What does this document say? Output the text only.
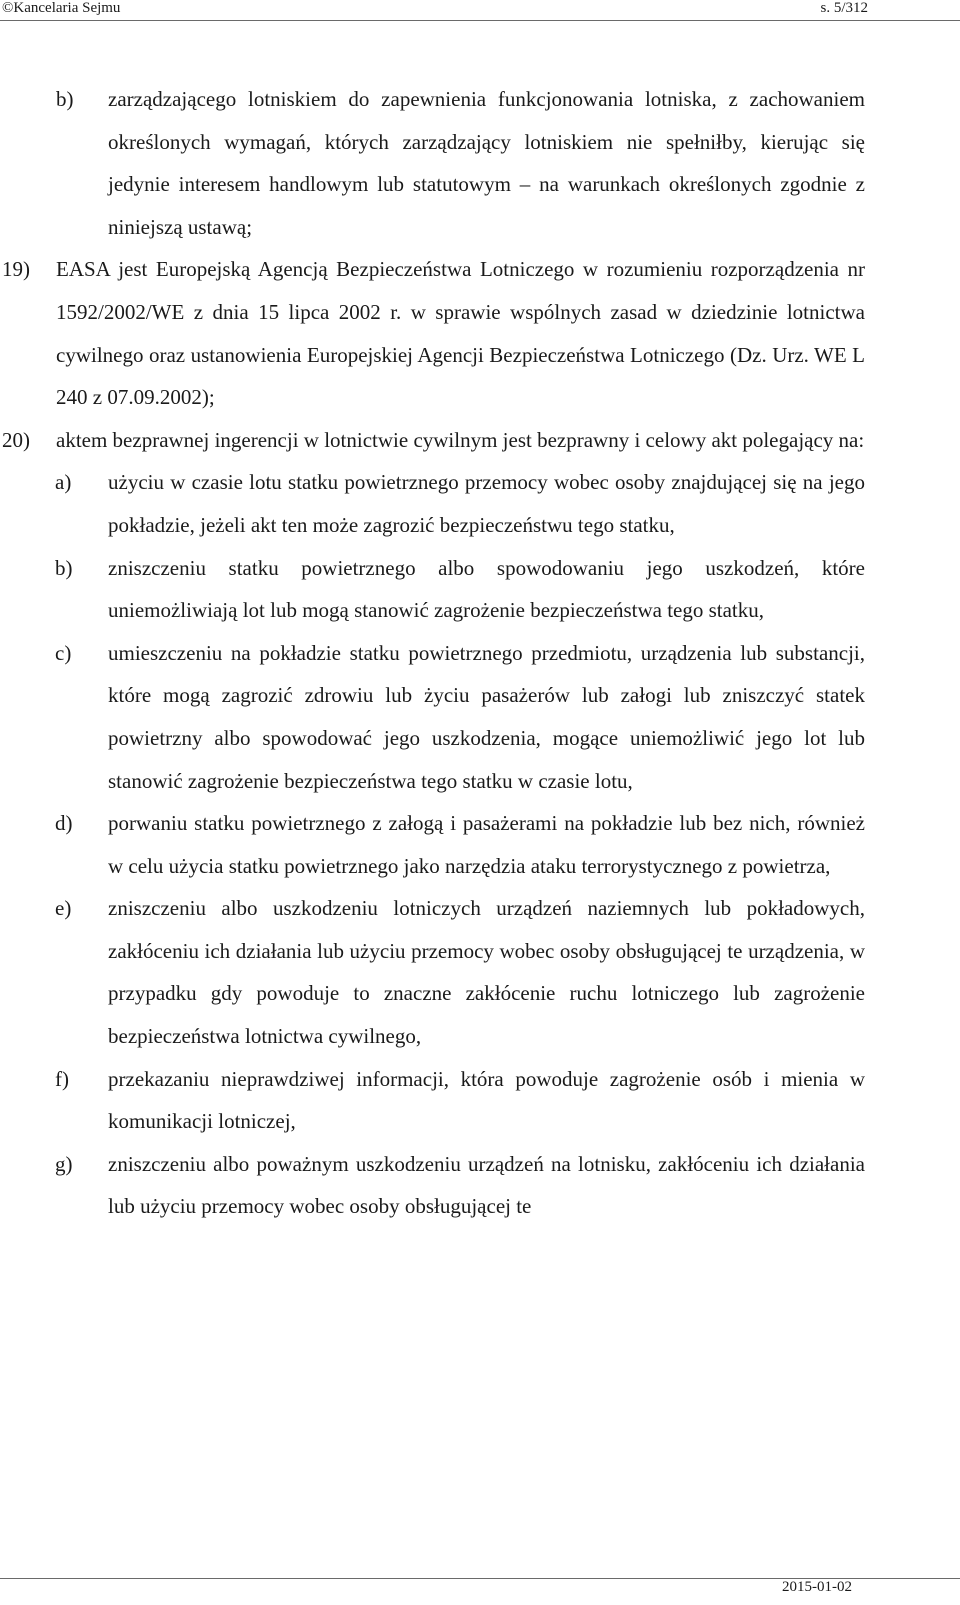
©Kancelaria Sejmu	s. 5/312
b) zarządzającego lotniskiem do zapewnienia funkcjonowania lotniska, z zachowaniem określonych wymagań, których zarządzający lotniskiem nie spełniłby, kierując się jedynie interesem handlowym lub statutowym – na warunkach określonych zgodnie z niniejszą ustawą;
19) EASA jest Europejską Agencją Bezpieczeństwa Lotniczego w rozumieniu rozporządzenia nr 1592/2002/WE z dnia 15 lipca 2002 r. w sprawie wspólnych zasad w dziedzinie lotnictwa cywilnego oraz ustanowienia Europejskiej Agencji Bezpieczeństwa Lotniczego (Dz. Urz. WE L 240 z 07.09.2002);
20) aktem bezprawnej ingerencji w lotnictwie cywilnym jest bezprawny i celowy akt polegający na:
a) użyciu w czasie lotu statku powietrznego przemocy wobec osoby znajdującej się na jego pokładzie, jeżeli akt ten może zagrozić bezpieczeństwu tego statku,
b) zniszczeniu statku powietrznego albo spowodowaniu jego uszkodzeń, które uniemożliwiają lot lub mogą stanowić zagrożenie bezpieczeństwa tego statku,
c) umieszczeniu na pokładzie statku powietrznego przedmiotu, urządzenia lub substancji, które mogą zagrozić zdrowiu lub życiu pasażerów lub załogi lub zniszczyć statek powietrzny albo spowodować jego uszkodzenia, mogące uniemożliwić jego lot lub stanowić zagrożenie bezpieczeństwa tego statku w czasie lotu,
d) porwaniu statku powietrznego z załogą i pasażerami na pokładzie lub bez nich, również w celu użycia statku powietrznego jako narzędzia ataku terrorystycznego z powietrza,
e) zniszczeniu albo uszkodzeniu lotniczych urządzeń naziemnych lub pokładowych, zakłóceniu ich działania lub użyciu przemocy wobec osoby obsługującej te urządzenia, w przypadku gdy powoduje to znaczne zakłócenie ruchu lotniczego lub zagrożenie bezpieczeństwa lotnictwa cywilnego,
f) przekazaniu nieprawdziwej informacji, która powoduje zagrożenie osób i mienia w komunikacji lotniczej,
g) zniszczeniu albo poważnym uszkodzeniu urządzeń na lotnisku, zakłóceniu ich działania lub użyciu przemocy wobec osoby obsługującej te
2015-01-02
